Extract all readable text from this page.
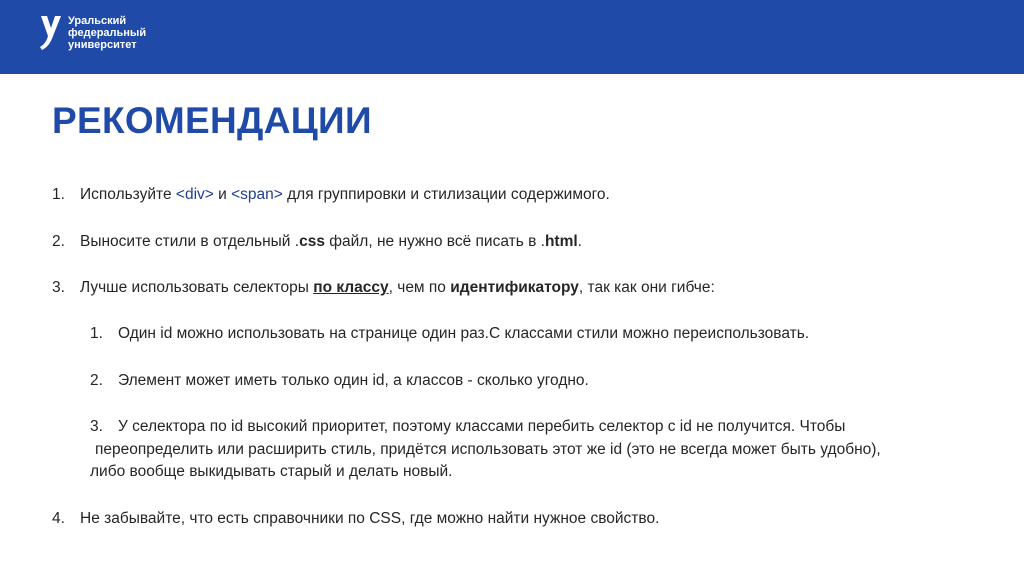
Уральский
федеральный
университет
РЕКОМЕНДАЦИИ
1. Используйте <div> и <span> для группировки и стилизации содержимого.
2. Выносите стили в отдельный .css файл, не нужно всё писать в .html.
3. Лучше использовать селекторы по классу, чем по идентификатору, так как они гибче:
1. Один id можно использовать на странице один раз.С классами стили можно переиспользовать.
2. Элемент может иметь только один id, а классов - сколько угодно.
3. У селектора по id высокий приоритет, поэтому классами перебить селектор с id не получится. Чтобы
переопределить или расширить стиль, придётся использовать этот же id (это не всегда может быть удобно),
либо вообще выкидывать старый и делать новый.
4. Не забывайте, что есть справочники по CSS, где можно найти нужное свойство.
